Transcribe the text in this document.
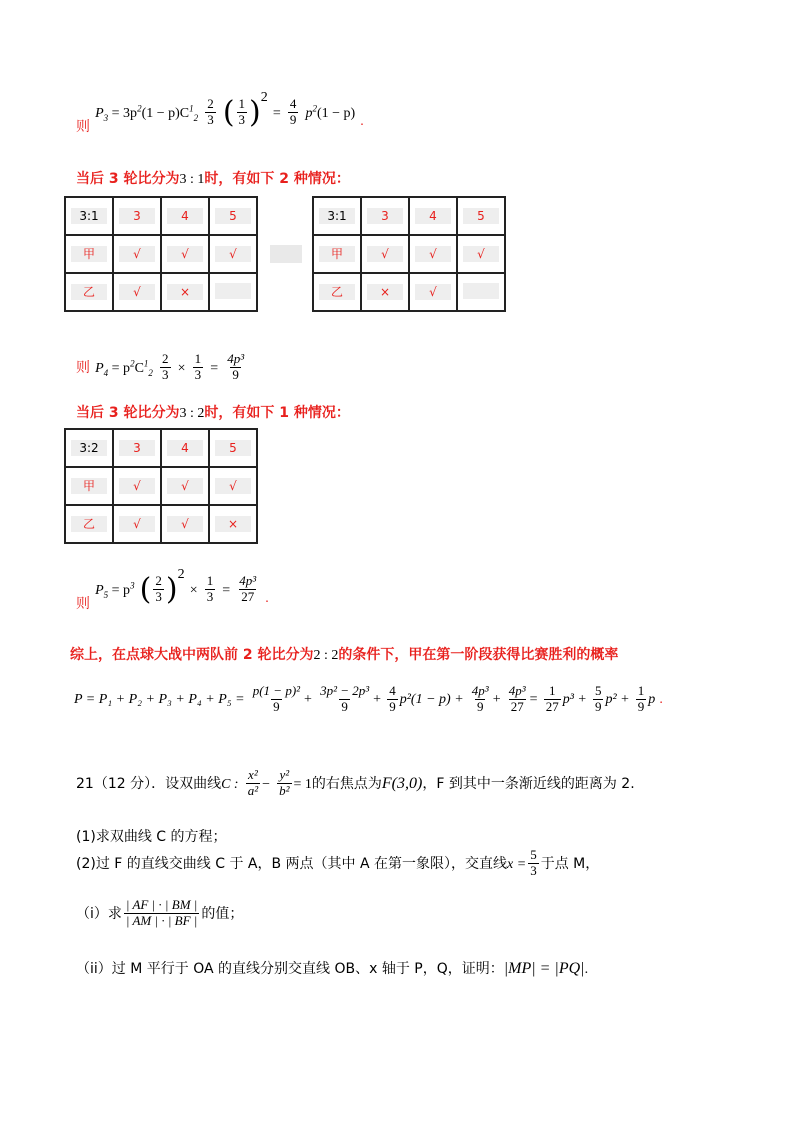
则 $P_3 = 3p^2(1 - p)C^1_2 \frac{2}{3}$ ( $\frac{1}{3} )^2 = \frac{4}{9} p^2(1 - p)$ .
当后 3 轮比分为3 : 1时，有如下 2 种情况：
3:1	3	4	5
甲	√	√	√
乙	√	×	
3:1	3	4	5
甲	√	√	√
乙	×	√	
则 $P_4 = p^2C^1_2 \frac{2}{3} \times \frac{1}{3} = \frac{\text{4p³}}{9}$
当后 3 轮比分为3 : 2时，有如下 1 种情况：
3:2	3	4	5
甲	√	√	√
乙	√	√	×
则 $P_5 = p^3$ ( $\frac{2}{3} )^2 \times \frac{1}{3} = \frac{\text{4p³}}{27}$ .
综上，在点球大战中两队前 2 轮比分为2 : 2的条件下，甲在第一阶段获得比赛胜利的概率
$P = P_1 + P_2 + P_3 + P_4 + P_5 = \frac{\text{p(1 − p)²}}{9} + \frac{\text{3p² − 2p³}}{9} + \frac{4}{9} p^2(1 - p) + \frac{\text{4p³}}{9} + \frac{\text{4p³}}{27} = \frac{1}{27} p^3 + \frac{5}{9} p^2 + \frac{1}{9}$ p .
21（12 分）．设双曲线C : $\frac{\text{x²}}{\text{a²}} - \frac{\text{y²}}{\text{b²}} = 1$的右焦点为F(3,0)，F 到其中一条渐近线的距离为 2.
(1)求双曲线 C 的方程；
(2)过 F 的直线交曲线 C 于 A，B 两点（其中 A 在第一象限），交直线$x = \frac{5}{3}$ 于点 M，
（i）求 $\frac{| AF | \cdot | BM |}{| AM | \cdot | BF |}$ 的值；
（ii）过 M 平行于 OA 的直线分别交直线 OB、x 轴于 P，Q，证明：|MP| = |PQ|.
